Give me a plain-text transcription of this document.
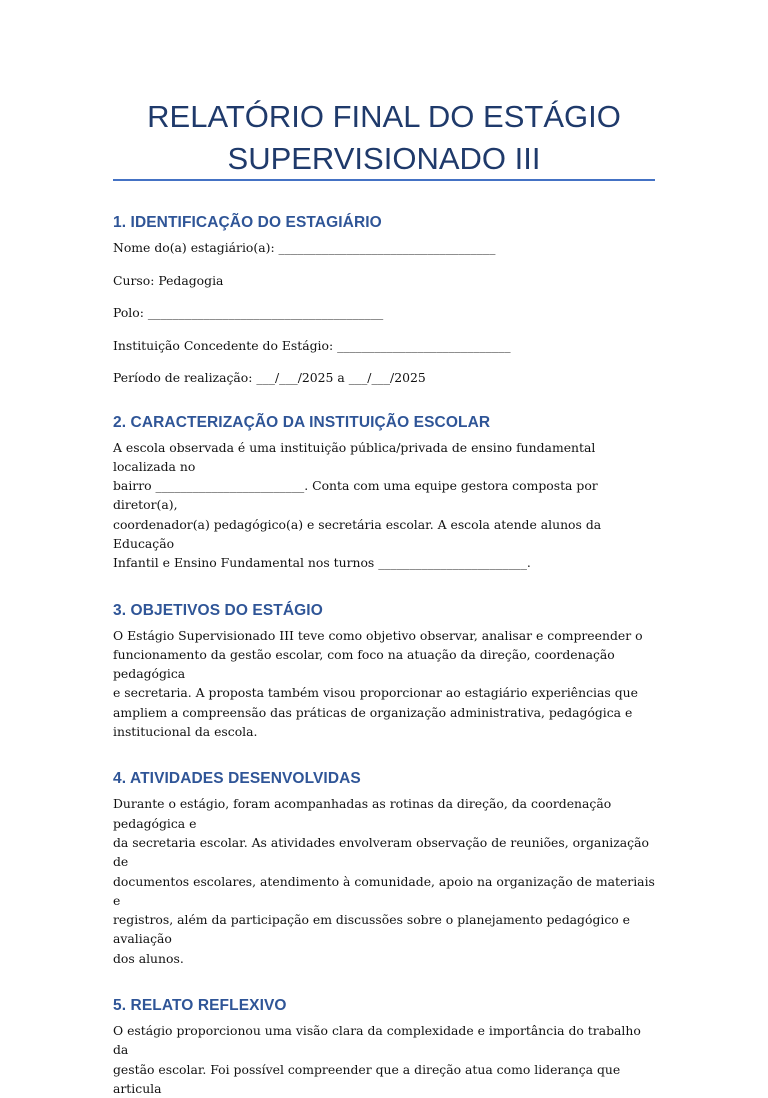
RELATÓRIO FINAL DO ESTÁGIO
SUPERVISIONADO III
1. IDENTIFICAÇÃO DO ESTAGIÁRIO
Nome do(a) estagiário(a): ___________________________________
Curso: Pedagogia
Polo: ______________________________________
Instituição Concedente do Estágio: ____________________________
Período de realização: ___/___/2025 a ___/___/2025
2. CARACTERIZAÇÃO DA INSTITUIÇÃO ESCOLAR
A escola observada é uma instituição pública/privada de ensino fundamental localizada no
bairro ________________________. Conta com uma equipe gestora composta por diretor(a),
coordenador(a) pedagógico(a) e secretária escolar. A escola atende alunos da Educação
Infantil e Ensino Fundamental nos turnos ________________________.
3. OBJETIVOS DO ESTÁGIO
O Estágio Supervisionado III teve como objetivo observar, analisar e compreender o
funcionamento da gestão escolar, com foco na atuação da direção, coordenação pedagógica
e secretaria. A proposta também visou proporcionar ao estagiário experiências que
ampliem a compreensão das práticas de organização administrativa, pedagógica e
institucional da escola.
4. ATIVIDADES DESENVOLVIDAS
Durante o estágio, foram acompanhadas as rotinas da direção, da coordenação pedagógica e
da secretaria escolar. As atividades envolveram observação de reuniões, organização de
documentos escolares, atendimento à comunidade, apoio na organização de materiais e
registros, além da participação em discussões sobre o planejamento pedagógico e avaliação
dos alunos.
5. RELATO REFLEXIVO
O estágio proporcionou uma visão clara da complexidade e importância do trabalho da
gestão escolar. Foi possível compreender que a direção atua como liderança que articula
